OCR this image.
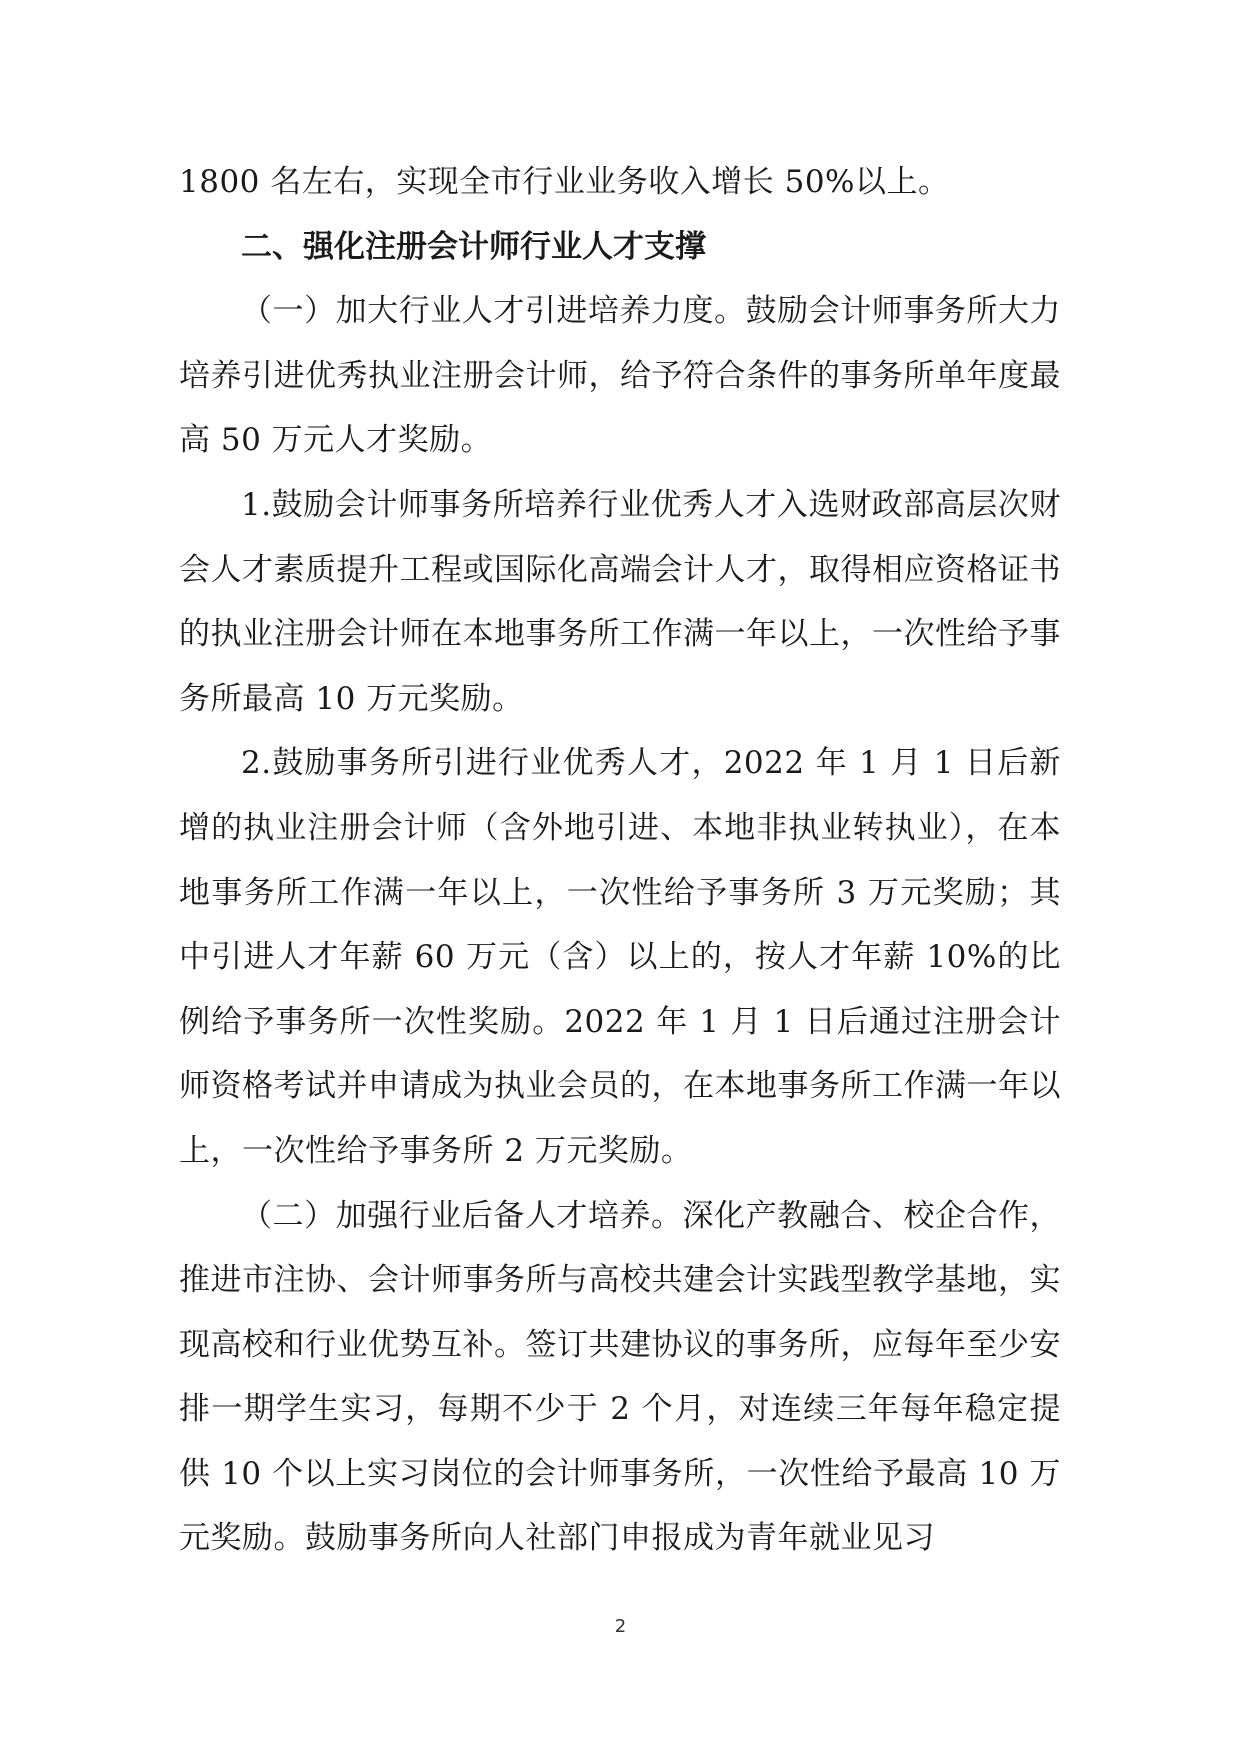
1800 名左右，实现全市行业业务收入增长 50%以上。

二、强化注册会计师行业人才支撑

（一）加大行业人才引进培养力度。鼓励会计师事务所大力培养引进优秀执业注册会计师，给予符合条件的事务所单年度最高 50 万元人才奖励。

1.鼓励会计师事务所培养行业优秀人才入选财政部高层次财会人才素质提升工程或国际化高端会计人才，取得相应资格证书的执业注册会计师在本地事务所工作满一年以上，一次性给予事务所最高 10 万元奖励。

2.鼓励事务所引进行业优秀人才，2022 年 1 月 1 日后新增的执业注册会计师（含外地引进、本地非执业转执业），在本地事务所工作满一年以上，一次性给予事务所 3 万元奖励；其中引进人才年薪 60 万元（含）以上的，按人才年薪 10%的比例给予事务所一次性奖励。2022 年 1 月 1 日后通过注册会计师资格考试并申请成为执业会员的，在本地事务所工作满一年以上，一次性给予事务所 2 万元奖励。

（二）加强行业后备人才培养。深化产教融合、校企合作，推进市注协、会计师事务所与高校共建会计实践型教学基地，实现高校和行业优势互补。签订共建协议的事务所，应每年至少安排一期学生实习，每期不少于 2 个月，对连续三年每年稳定提供 10 个以上实习岗位的会计师事务所，一次性给予最高 10 万元奖励。鼓励事务所向人社部门申报成为青年就业见习

2
